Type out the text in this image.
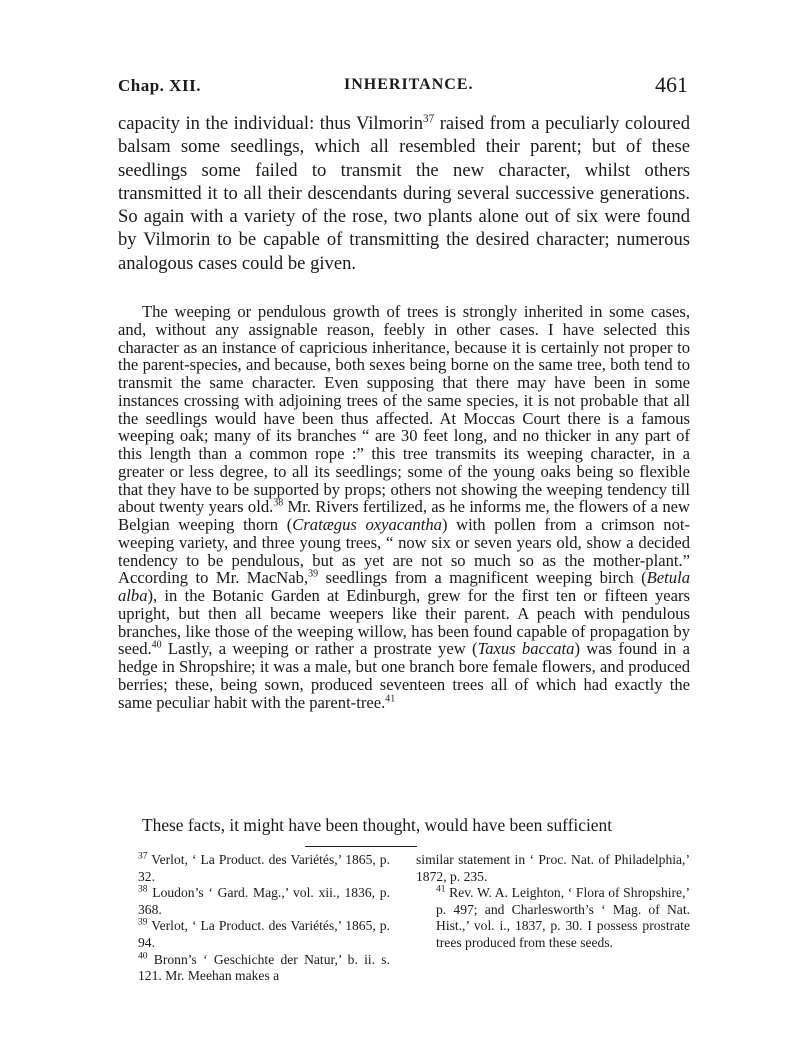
Chap. XII.	INHERITANCE.	461

capacity in the individual: thus Vilmorin$^{37}$ raised from a peculiarly coloured balsam some seedlings, which all resembled their parent; but of these seedlings some failed to transmit the new character, whilst others transmitted it to all their descendants during several successive generations. So again with a variety of the rose, two plants alone out of six were found by Vilmorin to be capable of transmitting the desired character; numerous analogous cases could be given.

The weeping or pendulous growth of trees is strongly inherited in some cases, and, without any assignable reason, feebly in other cases. I have selected this character as an instance of capricious inheritance, because it is certainly not proper to the parent-species, and because, both sexes being borne on the same tree, both tend to transmit the same character. Even supposing that there may have been in some instances crossing with adjoining trees of the same species, it is not probable that all the seedlings would have been thus affected. At Moccas Court there is a famous weeping oak; many of its branches “ are 30 feet long, and no thicker in any part of this length than a common rope :” this tree transmits its weeping character, in a greater or less degree, to all its seedlings; some of the young oaks being so flexible that they have to be supported by props; others not showing the weeping tendency till about twenty years old.$^{38}$ Mr. Rivers fertilized, as he informs me, the flowers of a new Belgian weeping thorn (Cratægus oxyacantha) with pollen from a crimson not-weeping variety, and three young trees, “ now six or seven years old, show a decided tendency to be pendulous, but as yet are not so much so as the mother-plant.” According to Mr. MacNab,$^{39}$ seedlings from a magnificent weeping birch (Betula alba), in the Botanic Garden at Edinburgh, grew for the first ten or fifteen years upright, but then all became weepers like their parent. A peach with pendulous branches, like those of the weeping willow, has been found capable of propagation by seed.$^{40}$ Lastly, a weeping or rather a prostrate yew (Taxus baccata) was found in a hedge in Shropshire; it was a male, but one branch bore female flowers, and produced berries; these, being sown, produced seventeen trees all of which had exactly the same peculiar habit with the parent-tree.$^{41}$

These facts, it might have been thought, would have been sufficient

$^{37}$ Verlot, ‘ La Product. des Variétés,’ 1865, p. 32.

$^{38}$ Loudon’s ‘ Gard. Mag.,’ vol. xii., 1836, p. 368.

$^{39}$ Verlot, ‘ La Product. des Variétés,’ 1865, p. 94.

$^{40}$ Bronn’s ‘ Geschichte der Natur,’ b. ii. s. 121. Mr. Meehan makes a

similar statement in ‘ Proc. Nat. of Philadelphia,’ 1872, p. 235.

$^{41}$ Rev. W. A. Leighton, ‘ Flora of Shropshire,’ p. 497; and Charlesworth’s ‘ Mag. of Nat. Hist.,’ vol. i., 1837, p. 30. I possess prostrate trees produced from these seeds.
